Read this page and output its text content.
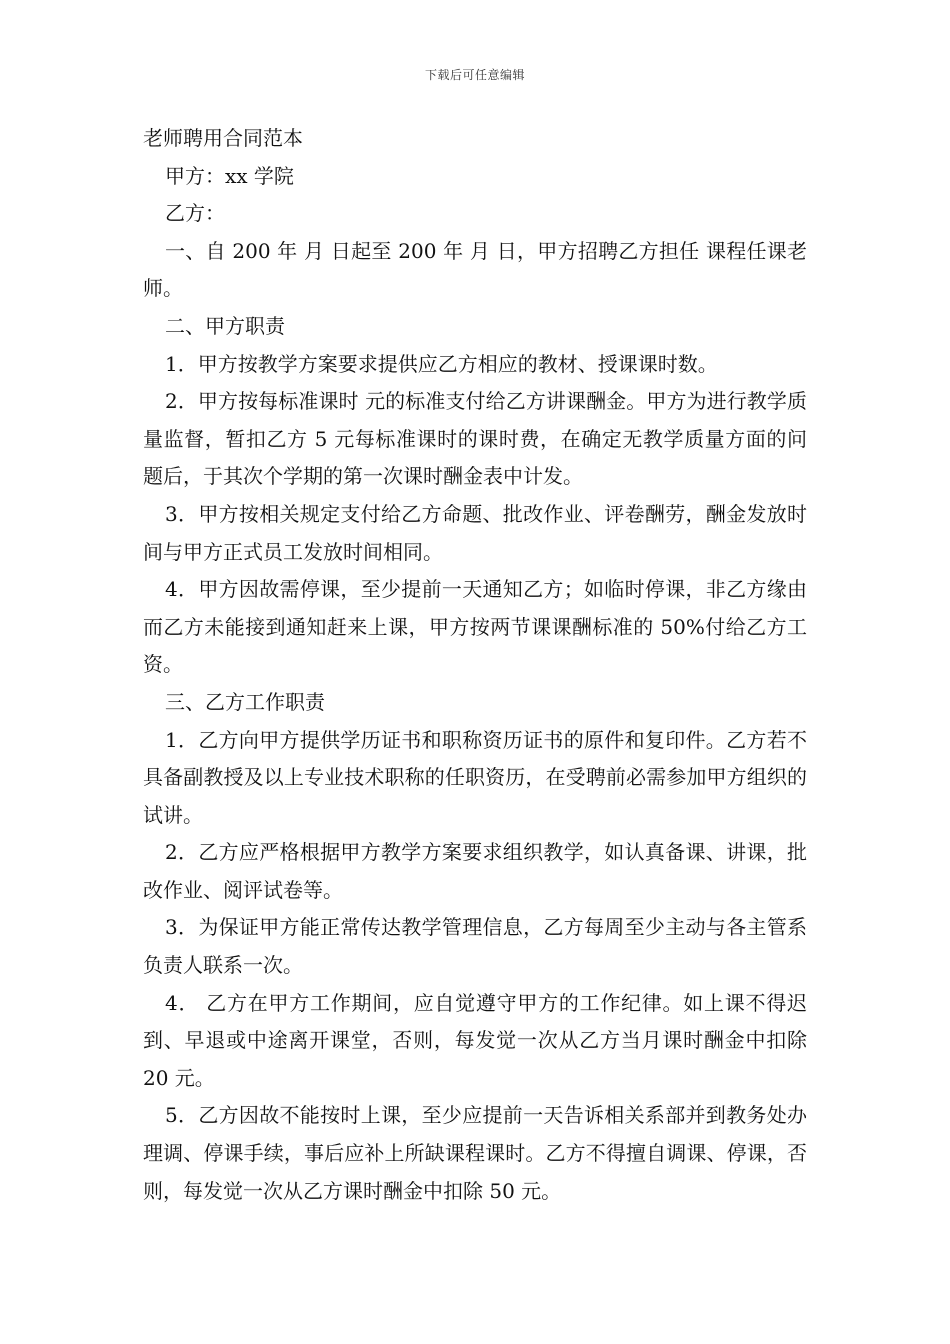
下载后可任意编辑
老师聘用合同范本

甲方：xx 学院

乙方：

一、自 200 年 月 日起至 200 年 月 日，甲方招聘乙方担任 课程任课老师。

二、甲方职责

1．甲方按教学方案要求提供应乙方相应的教材、授课课时数。

2．甲方按每标准课时 元的标准支付给乙方讲课酬金。甲方为进行教学质量监督，暂扣乙方 5 元每标准课时的课时费，在确定无教学质量方面的问题后，于其次个学期的第一次课时酬金表中计发。

3．甲方按相关规定支付给乙方命题、批改作业、评卷酬劳，酬金发放时间与甲方正式员工发放时间相同。

4．甲方因故需停课，至少提前一天通知乙方；如临时停课，非乙方缘由而乙方未能接到通知赶来上课，甲方按两节课课酬标准的 50%付给乙方工资。

三、乙方工作职责

1．乙方向甲方提供学历证书和职称资历证书的原件和复印件。乙方若不具备副教授及以上专业技术职称的任职资历，在受聘前必需参加甲方组织的试讲。

2．乙方应严格根据甲方教学方案要求组织教学，如认真备课、讲课，批改作业、阅评试卷等。

3．为保证甲方能正常传达教学管理信息，乙方每周至少主动与各主管系负责人联系一次。

4． 乙方在甲方工作期间，应自觉遵守甲方的工作纪律。如上课不得迟到、早退或中途离开课堂，否则，每发觉一次从乙方当月课时酬金中扣除 20 元。

5．乙方因故不能按时上课，至少应提前一天告诉相关系部并到教务处办理调、停课手续，事后应补上所缺课程课时。乙方不得擅自调课、停课，否则，每发觉一次从乙方课时酬金中扣除 50 元。
